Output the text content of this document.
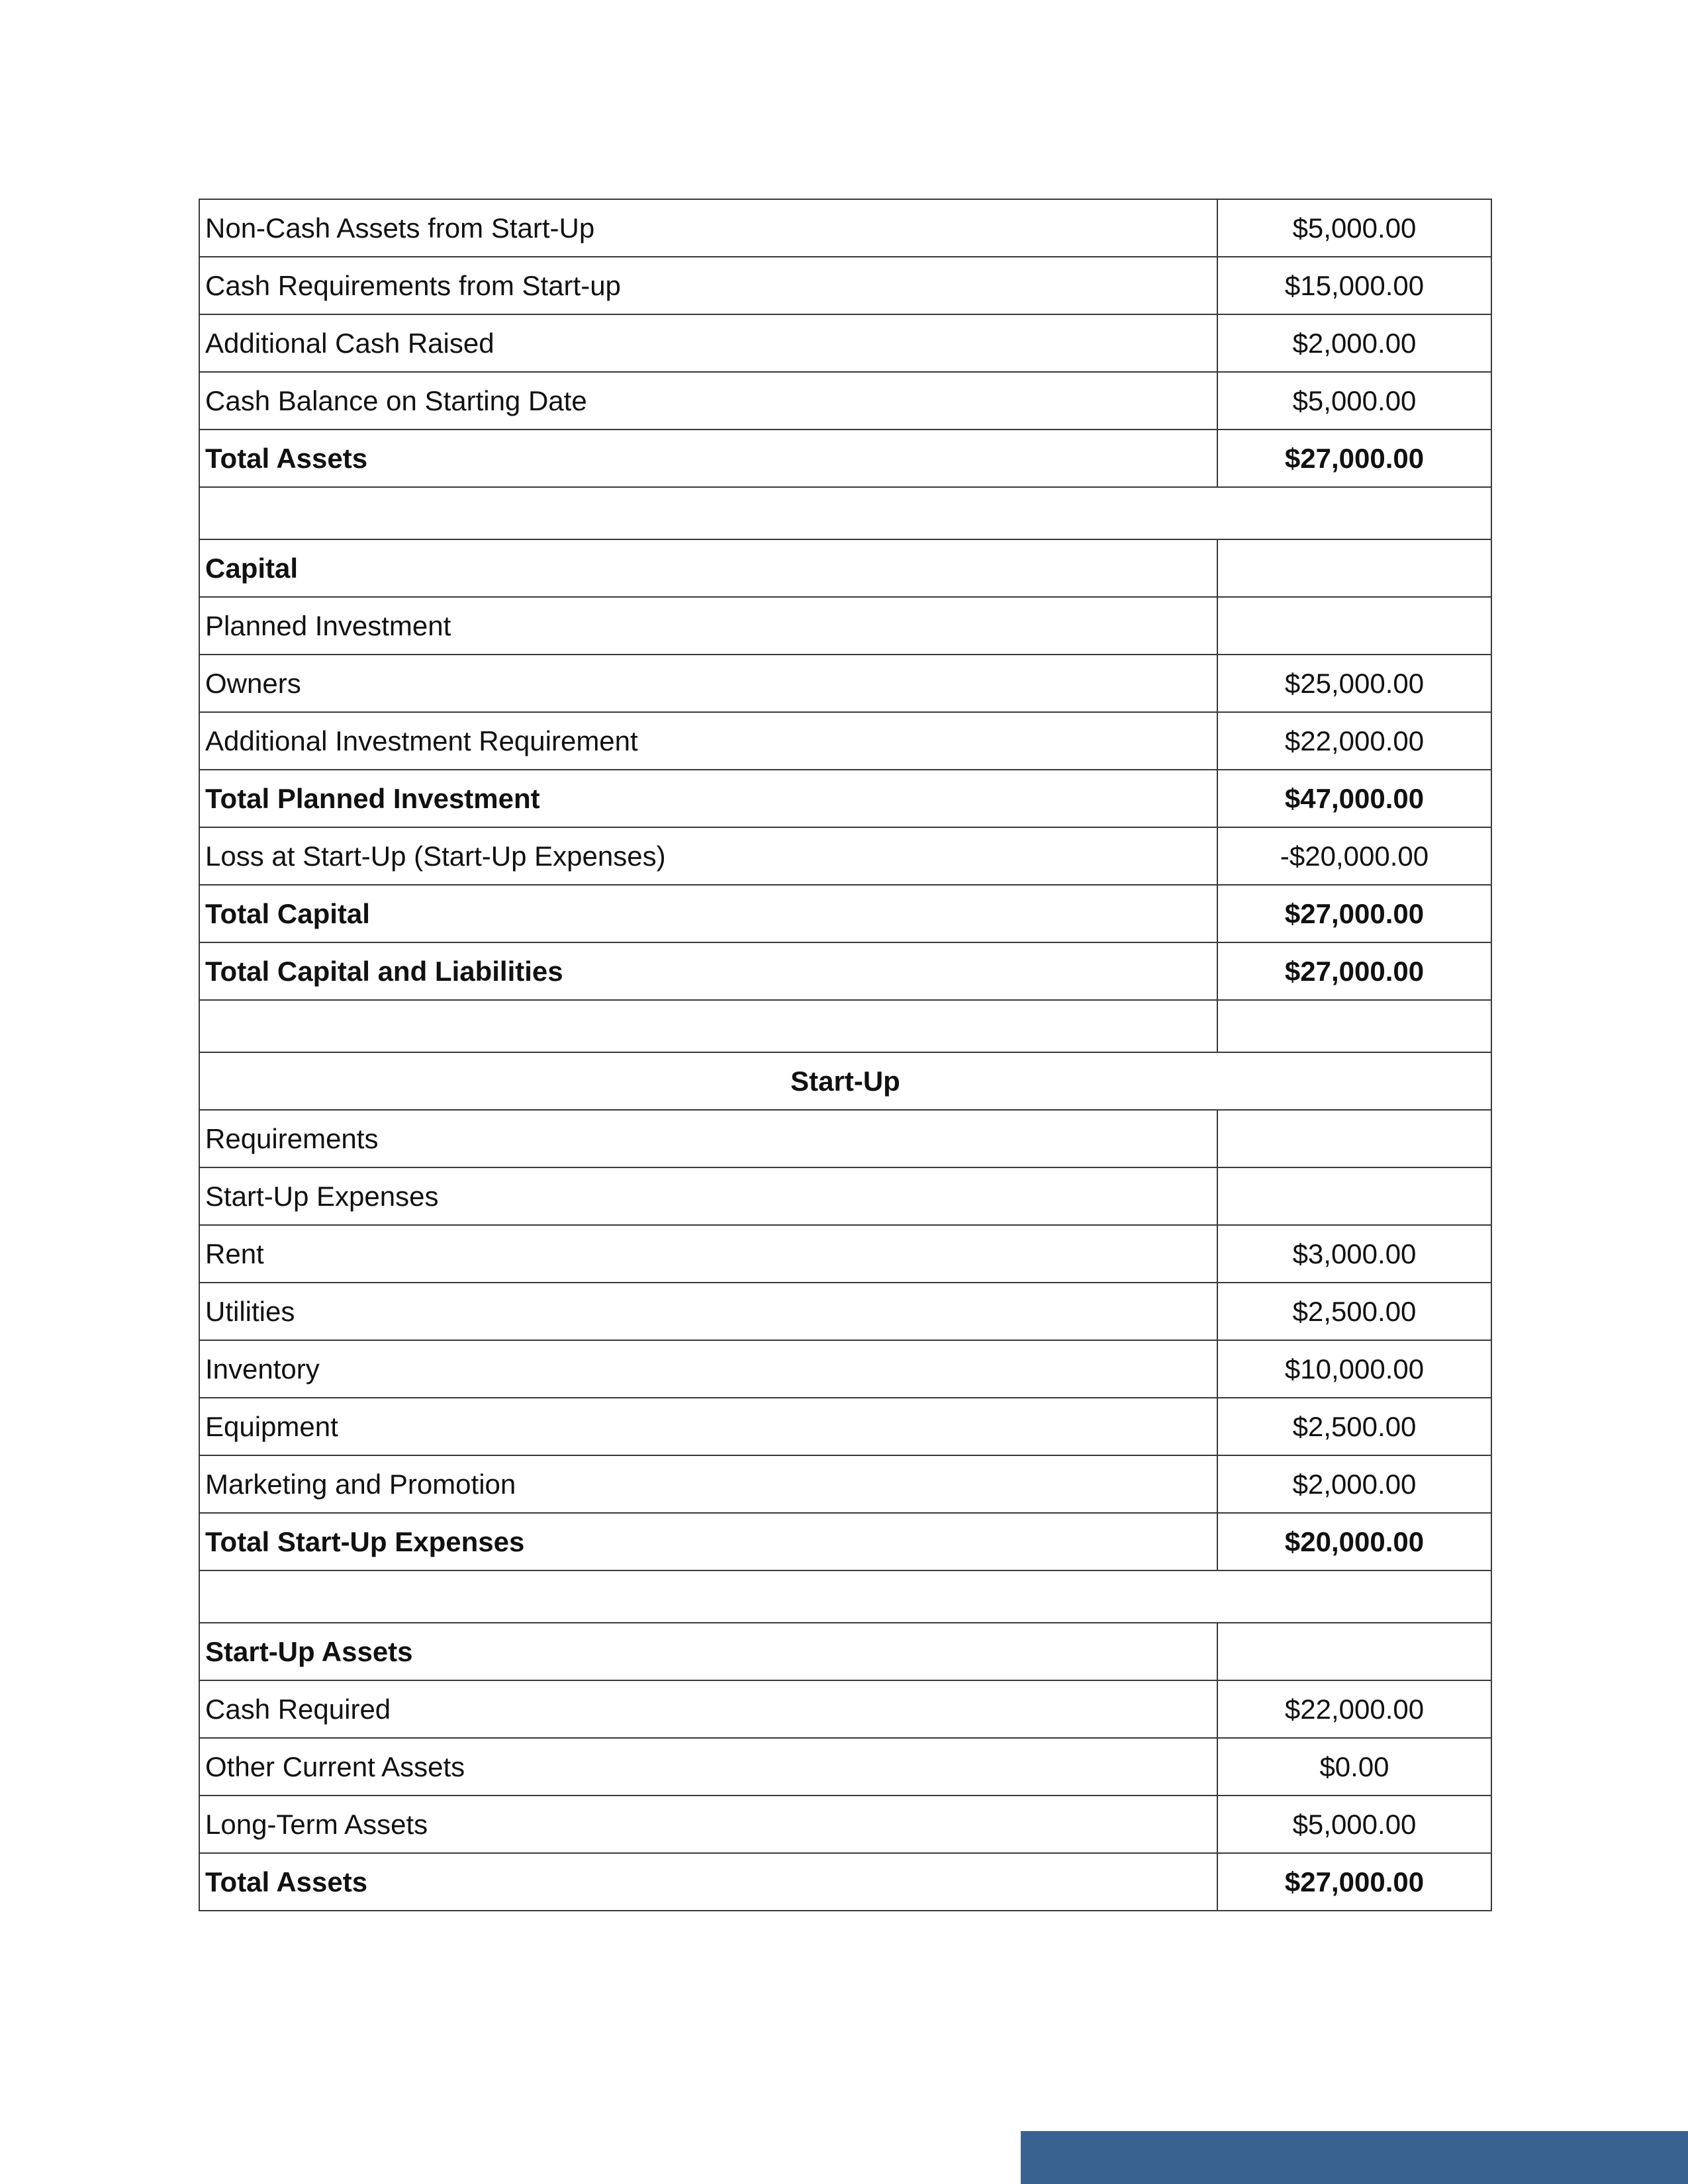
Non-Cash Assets from Start-Up	$5,000.00
Cash Requirements from Start-up	$15,000.00
Additional Cash Raised	$2,000.00
Cash Balance on Starting Date	$5,000.00
Total Assets	$27,000.00

Capital	
Planned Investment	
Owners	$25,000.00
Additional Investment Requirement	$22,000.00
Total Planned Investment	$47,000.00
Loss at Start-Up (Start-Up Expenses)	-$20,000.00
Total Capital	$27,000.00
Total Capital and Liabilities	$27,000.00

Start-Up	
Requirements	
Start-Up Expenses	
Rent	$3,000.00
Utilities	$2,500.00
Inventory	$10,000.00
Equipment	$2,500.00
Marketing and Promotion	$2,000.00
Total Start-Up Expenses	$20,000.00

Start-Up Assets	
Cash Required	$22,000.00
Other Current Assets	$0.00
Long-Term Assets	$5,000.00
Total Assets	$27,000.00
